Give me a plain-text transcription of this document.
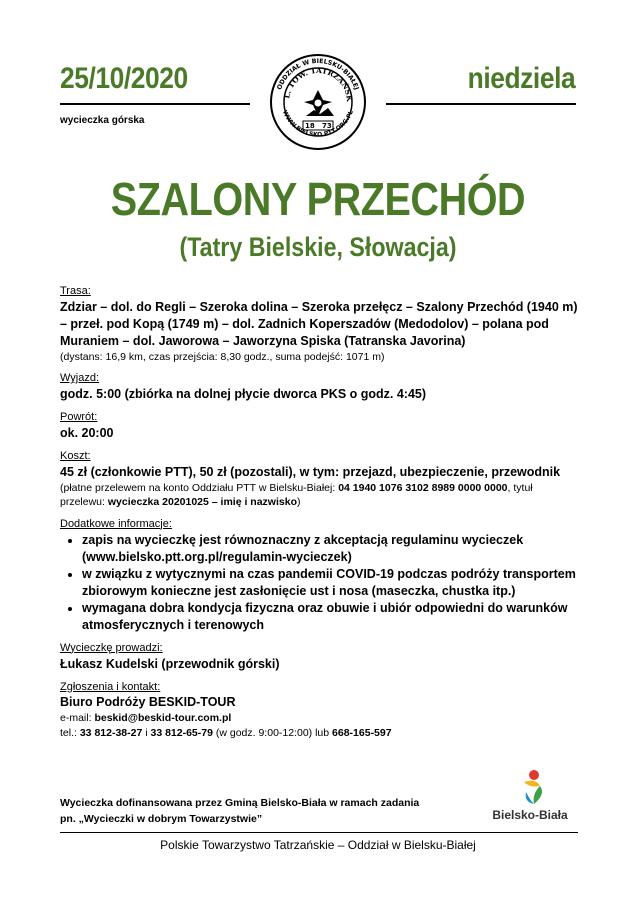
25/10/2020
wycieczka górska
ODDZIAŁ W BIELSKU-BIAŁEJ
WWW.BIELSKO.PTT.ORG.PL
L. TOW. TATRZAŃSK
18 73
niedziela
SZALONY PRZECHÓD
(Tatry Bielskie, Słowacja)
Trasa:
Zdziar – dol. do Regli – Szeroka dolina – Szeroka przełęcz – Szalony Przechód (1940 m) – przeł. pod Kopą (1749 m) – dol. Zadnich Koperszadów (Medodolov) – polana pod Muraniem – dol. Jaworowa – Jaworzyna Spiska (Tatranska Javorina)
(dystans: 16,9 km, czas przejścia: 8,30 godz., suma podejść: 1071 m)
Wyjazd:
godz. 5:00 (zbiórka na dolnej płycie dworca PKS o godz. 4:45)
Powrót:
ok. 20:00
Koszt:
45 zł (członkowie PTT), 50 zł (pozostali), w tym: przejazd, ubezpieczenie, przewodnik
(płatne przelewem na konto Oddziału PTT w Bielsku-Białej: 04 1940 1076 3102 8989 0000 0000, tytuł przelewu: wycieczka 20201025 – imię i nazwisko)
Dodatkowe informacje:
• zapis na wycieczkę jest równoznaczny z akceptacją regulaminu wycieczek (www.bielsko.ptt.org.pl/regulamin-wycieczek)
• w związku z wytycznymi na czas pandemii COVID-19 podczas podróży transportem zbiorowym konieczne jest zasłonięcie ust i nosa (maseczka, chustka itp.)
• wymagana dobra kondycja fizyczna oraz obuwie i ubiór odpowiedni do warunków atmosferycznych i terenowych
Wycieczkę prowadzi:
Łukasz Kudelski (przewodnik górski)
Zgłoszenia i kontakt:
Biuro Podróży BESKID-TOUR
e-mail: beskid@beskid-tour.com.pl
tel.: 33 812-38-27 i 33 812-65-79 (w godz. 9:00-12:00) lub 668-165-597
Wycieczka dofinansowana przez Gminą Bielsko-Biała w ramach zadania
pn. „Wycieczki w dobrym Towarzystwie”	Bielsko-Biała
Polskie Towarzystwo Tatrzańskie – Oddział w Bielsku-Białej
